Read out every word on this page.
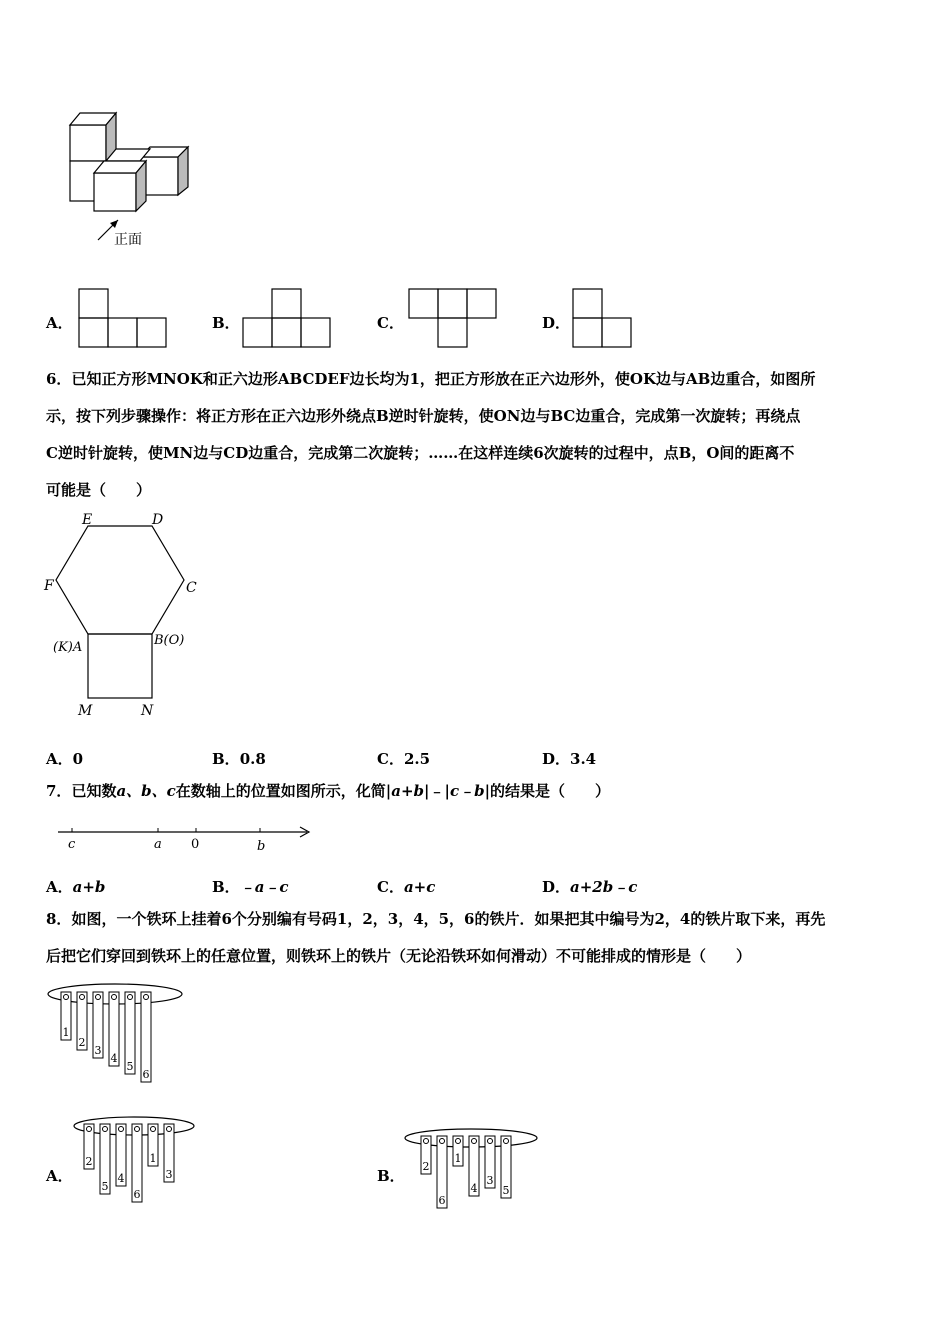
正面
A．	B．	C．	D．
6．已知正方形MNOK和正六边形ABCDEF边长均为1，把正方形放在正六边形外，使OK边与AB边重合，如图所
示，按下列步骤操作：将正方形在正六边形外绕点B逆时针旋转，使ON边与BC边重合，完成第一次旋转；再绕点
C逆时针旋转，使MN边与CD边重合，完成第二次旋转；……在这样连续6次旋转的过程中，点B，O间的距离不
可能是（　　）
E	D
F	C
(K)A	B(O)
M	N
A．0	B．0.8	C．2.5	D．3.4
7．已知数a、b、c在数轴上的位置如图所示，化简|a+b|﹣|c﹣b|的结果是（　　）
c	a 0	b
A．a+b	B．﹣a﹣c	C．a+c	D．a+2b﹣c
8．如图，一个铁环上挂着6个分别编有号码1，2，3，4，5，6的铁片．如果把其中编号为2，4的铁片取下来，再先
后把它们穿回到铁环上的任意位置，则铁环上的铁片（无论沿铁环如何滑动）不可能排成的情形是（　　）
1
2
3
4
5
6
A．
2
5
4
6
1
3	B．
2
6
1
4
3
5
